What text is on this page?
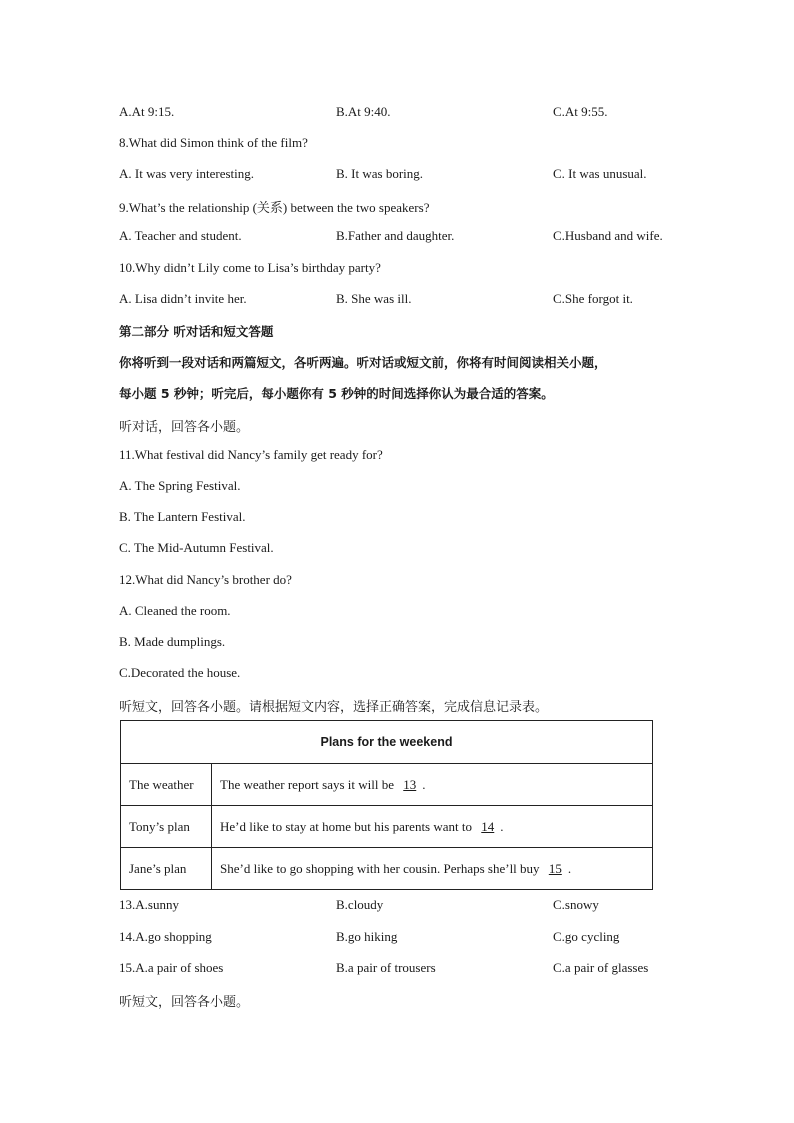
A.At 9:15.	B.At 9:40.	C.At 9:55.
8.What did Simon think of the film?
A. It was very interesting.	B. It was boring.	C. It was unusual.
9.What’s the relationship (关系) between the two speakers?
A. Teacher and student.	B.Father and daughter.	C.Husband and wife.
10.Why didn’t Lily come to Lisa’s birthday party?
A. Lisa didn’t invite her.	B. She was ill.	C.She forgot it.
第二部分 听对话和短文答题
你将听到一段对话和两篇短文，各听两遍。听对话或短文前，你将有时间阅读相关小题，
每小题 5 秒钟；听完后，每小题你有 5 秒钟的时间选择你认为最合适的答案。
听对话，回答各小题。
11.What festival did Nancy’s family get ready for?
A. The Spring Festival.
B. The Lantern Festival.
C. The Mid-Autumn Festival.
12.What did Nancy’s brother do?
A. Cleaned the room.
B. Made dumplings.
C.Decorated the house.
听短文，回答各小题。请根据短文内容，选择正确答案，完成信息记录表。
Plans for the weekend	
The weather	The weather report says it will be 13 .
Tony’s plan	He’d like to stay at home but his parents want to 14 .
Jane’s plan	She’d like to go shopping with her cousin. Perhaps she’ll buy 15 .
13.A.sunny	B.cloudy	C.snowy
14.A.go shopping	B.go hiking	C.go cycling
15.A.a pair of shoes	B.a pair of trousers	C.a pair of glasses
听短文，回答各小题。
